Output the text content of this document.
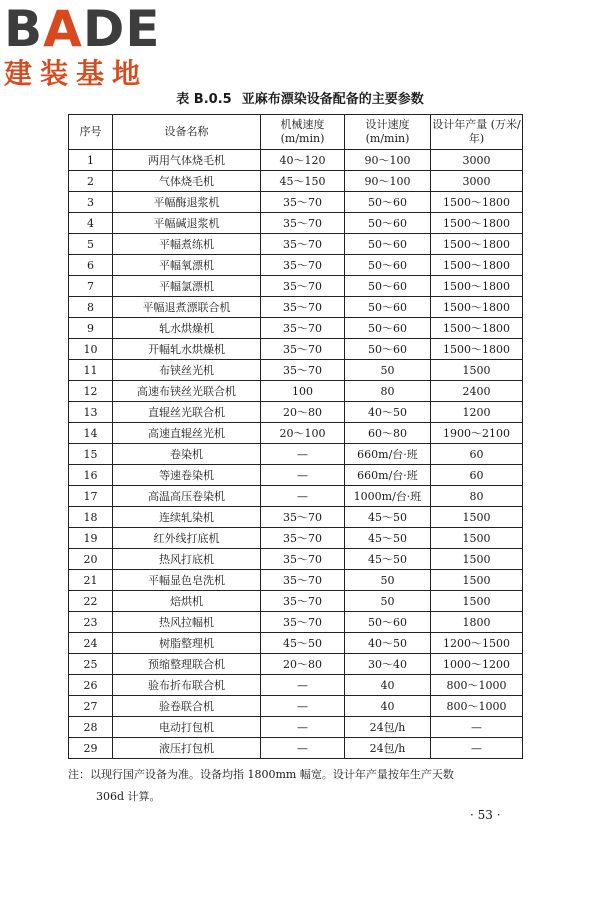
B A DE
建装基地
表 B.0.5 亚麻布漂染设备配备的主要参数
序号	设备名称	机械速度 (m/min)	设计速度 (m/min)	设计年产量 (万米/年)
1	两用气体烧毛机	40～120	90～100	3000
2	气体烧毛机	45～150	90～100	3000
3	平幅酶退浆机	35～70	50～60	1500～1800
4	平幅碱退浆机	35～70	50～60	1500～1800
5	平幅煮练机	35～70	50～60	1500～1800
6	平幅氧漂机	35～70	50～60	1500～1800
7	平幅氯漂机	35～70	50～60	1500～1800
8	平幅退煮漂联合机	35～70	50～60	1500～1800
9	轧水烘燥机	35～70	50～60	1500～1800
10	开幅轧水烘燥机	35～70	50～60	1500～1800
11	布铗丝光机	35～70	50	1500
12	高速布铗丝光联合机	100	80	2400
13	直辊丝光联合机	20～80	40～50	1200
14	高速直辊丝光机	20～100	60～80	1900～2100
15	卷染机	—	660m/台·班	60
16	等速卷染机	—	660m/台·班	60
17	高温高压卷染机	—	1000m/台·班	80
18	连续轧染机	35～70	45～50	1500
19	红外线打底机	35～70	45～50	1500
20	热风打底机	35～70	45～50	1500
21	平幅显色皂洗机	35～70	50	1500
22	焙烘机	35～70	50	1500
23	热风拉幅机	35～70	50～60	1800
24	树脂整理机	45～50	40～50	1200～1500
25	预缩整理联合机	20～80	30～40	1000～1200
26	验布折布联合机	—	40	800～1000
27	验卷联合机	—	40	800～1000
28	电动打包机	—	24包/h	—
29	液压打包机	—	24包/h	—
注：以现行国产设备为准。设备均指 1800mm 幅宽。设计年产量按年生产天数
306d 计算。
· 53 ·
